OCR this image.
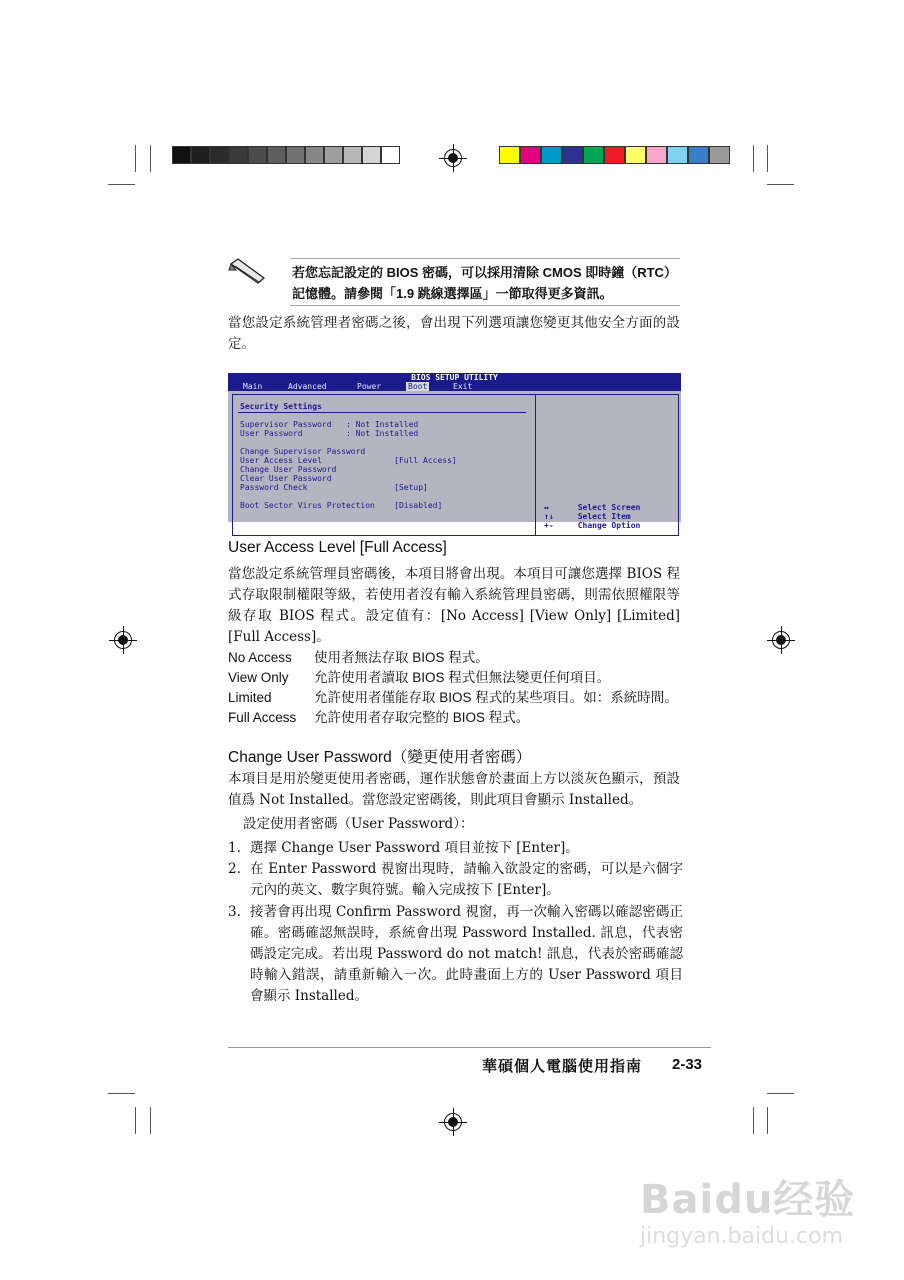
若您忘記設定的 BIOS 密碼，可以採用清除 CMOS 即時鐘（RTC）記憶體。請參閱「1.9 跳線選擇區」一節取得更多資訊。
當您設定系統管理者密碼之後，會出現下列選項讓您變更其他安全方面的設定。
BIOS SETUP UTILITY
Main	Advanced	Power	Boot	Exit
Security Settings
Supervisor Password   : Not Installed
User Password         : Not Installed

Change Supervisor Password
User Access Level               [Full Access]
Change User Password
Clear User Password
Password Check                  [Setup]

Boot Sector Virus Protection    [Disabled]	↔      Select Screen
↑↓     Select Item
+-     Change Option
User Access Level [Full Access]
當您設定系統管理員密碼後，本項目將會出現。本項目可讓您選擇 BIOS 程式存取限制權限等級，若使用者沒有輸入系統管理員密碼，則需依照權限等級存取 BIOS 程式。設定值有：[No Access] [View Only] [Limited] [Full Access]。
No Access 使用者無法存取 BIOS 程式。
View Only 允許使用者讀取 BIOS 程式但無法變更任何項目。
Limited	允許使用者僅能存取 BIOS 程式的某些項目。如：系統時間。
Full Access 允許使用者存取完整的 BIOS 程式。
Change User Password（變更使用者密碼）
本項目是用於變更使用者密碼，運作狀態會於畫面上方以淡灰色顯示，預設值爲 Not Installed。當您設定密碼後，則此項目會顯示 Installed。
設定使用者密碼（User Password）：
1. 選擇 Change User Password 項目並按下 [Enter]。
2. 在 Enter Password 視窗出現時，請輸入欲設定的密碼，可以是六個字元內的英文、數字與符號。輸入完成按下 [Enter]。
3. 接著會再出現 Confirm Password 視窗，再一次輸入密碼以確認密碼正確。密碼確認無誤時，系統會出現 Password Installed. 訊息，代表密碼設定完成。若出現 Password do not match! 訊息，代表於密碼確認時輸入錯誤，請重新輸入一次。此時畫面上方的 User Password 項目會顯示 Installed。
華碩個人電腦使用指南 2-33
Baidu经验
jingyan.baidu.com
